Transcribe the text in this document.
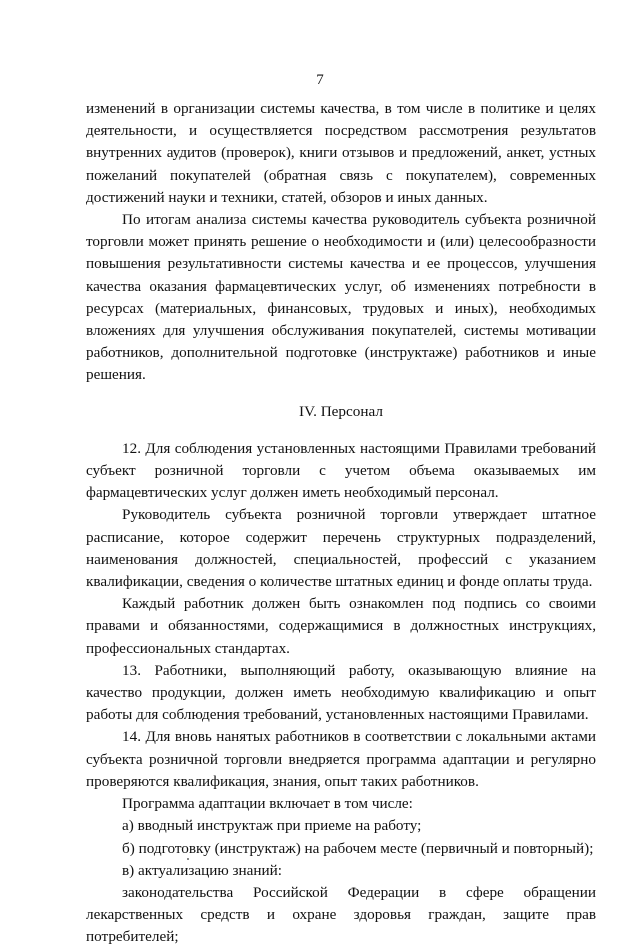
7

изменений в организации системы качества, в том числе в политике и целях деятельности, и осуществляется посредством рассмотрения результатов внутренних аудитов (проверок), книги отзывов и предложений, анкет, устных пожеланий покупателей (обратная связь с покупателем), современных достижений науки и техники, статей, обзоров и иных данных.

По итогам анализа системы качества руководитель субъекта розничной торговли может принять решение о необходимости и (или) целесообразности повышения результативности системы качества и ее процессов, улучшения качества оказания фармацевтических услуг, об изменениях потребности в ресурсах (материальных, финансовых, трудовых и иных), необходимых вложениях для улучшения обслуживания покупателей, системы мотивации работников, дополнительной подготовке (инструктаже) работников и иные решения.

IV. Персонал

12. Для соблюдения установленных настоящими Правилами требований субъект розничной торговли с учетом объема оказываемых им фармацевтических услуг должен иметь необходимый персонал.

Руководитель субъекта розничной торговли утверждает штатное расписание, которое содержит перечень структурных подразделений, наименования должностей, специальностей, профессий с указанием квалификации, сведения о количестве штатных единиц и фонде оплаты труда.

Каждый работник должен быть ознакомлен под подпись со своими правами и обязанностями, содержащимися в должностных инструкциях, профессиональных стандартах.

13. Работники, выполняющий работу, оказывающую влияние на качество продукции, должен иметь необходимую квалификацию и опыт работы для соблюдения требований, установленных настоящими Правилами.

14. Для вновь нанятых работников в соответствии с локальными актами субъекта розничной торговли внедряется программа адаптации и регулярно проверяются квалификация, знания, опыт таких работников.

Программа адаптации включает в том числе:

а) вводный инструктаж при приеме на работу;

б) подготовку (инструктаж) на рабочем месте (первичный и повторный);

в) актуализацию знаний:

законодательства Российской Федерации в сфере обращении лекарственных средств и охране здоровья граждан, защите прав потребителей;
